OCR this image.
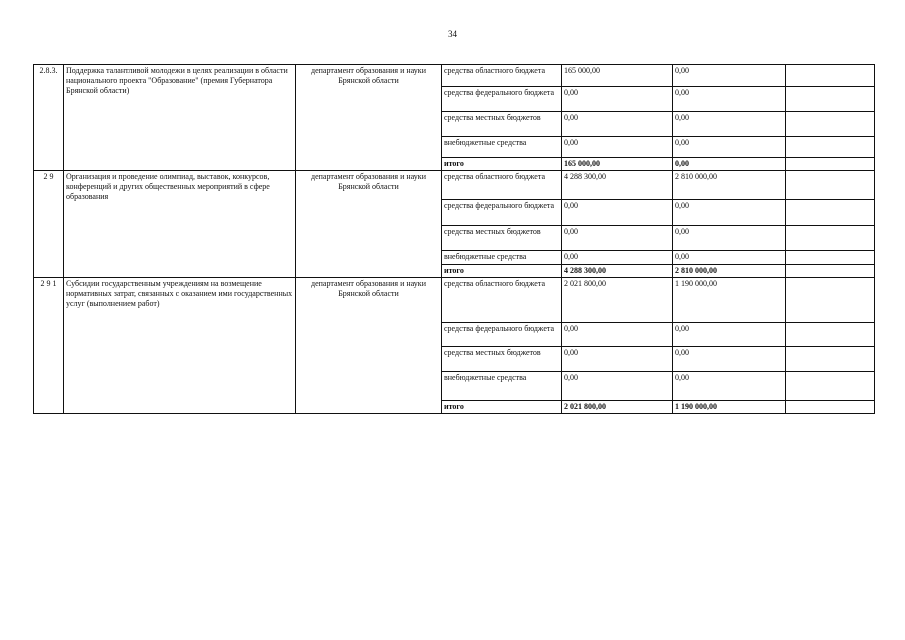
34
2.8.3.	Поддержка талантливой молодежи в целях реализации в области национального проекта "Образование" (премия Губернатора Брянской области)	департамент образования и науки Брянской области	средства областного бюджета	165 000,00	0,00	
			средства федерального бюджета	0,00	0,00	
			средства местных бюджетов	0,00	0,00	
			внебюджетные средства	0,00	0,00	
			итого	165 000,00	0,00	
2 9	Организация и проведение олимпиад, выставок, конкурсов, конференций и других общественных мероприятий в сфере образования	департамент образования и науки Брянской области	средства областного бюджета	4 288 300,00	2 810 000,00	
			средства федерального бюджета	0,00	0,00	
			средства местных бюджетов	0,00	0,00	
			внебюджетные средства	0,00	0,00	
			итого	4 288 300,00	2 810 000,00	
2 9 1	Субсидии государственным учреждениям на возмещение нормативных затрат, связанных с оказанием ими государственных услуг (выполнением работ)	департамент образования и науки Брянской области	средства областного бюджета	2 021 800,00	1 190 000,00	
			средства федерального бюджета	0,00	0,00	
			средства местных бюджетов	0,00	0,00	
			внебюджетные средства	0,00	0,00	
			итого	2 021 800,00	1 190 000,00	
